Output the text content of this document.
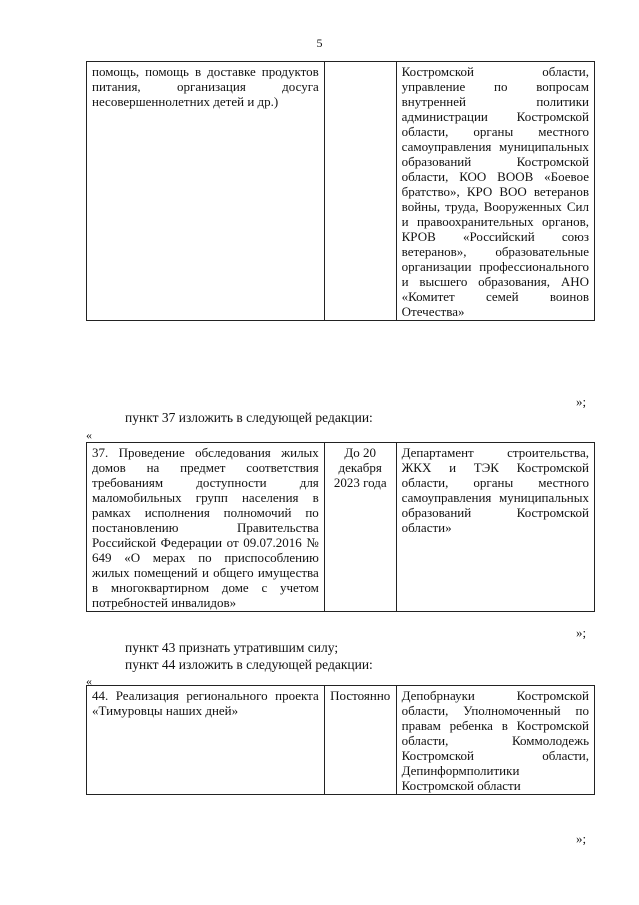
5
помощь, помощь в доставке продуктов питания, организация досуга несовершеннолетних детей и др.)		Костромской области, управление по вопросам внутренней политики администрации Костромской области, органы местного самоуправления муниципальных образований Костромской области, КОО ВООВ «Боевое братство», КРО ВОО ветеранов войны, труда, Вооруженных Сил и правоохранительных органов, КРОВ «Российский союз ветеранов», образовательные организации профессионального и высшего образования, АНО «Комитет семей воинов Отечества»
»;
пункт 37 изложить в следующей редакции:
«
37. Проведение обследования жилых домов на предмет соответствия требованиям доступности для маломобильных групп населения в рамках исполнения полномочий по постановлению Правительства Российской Федерации от 09.07.2016 № 649 «О мерах по приспособлению жилых помещений и общего имущества в многоквартирном доме с учетом потребностей инвалидов»	До 20 декабря 2023 года	Департамент строительства, ЖКХ и ТЭК Костромской области, органы местного самоуправления муниципальных образований Костромской области»
»;
пункт 43 признать утратившим силу;
пункт 44 изложить в следующей редакции:
«
44. Реализация регионального проекта «Тимуровцы наших дней»	Постоянно	Депобрнауки Костромской области, Уполномоченный по правам ребенка в Костромской области, Коммолодежь Костромской области, Депинформполитики Костромской области
»;
